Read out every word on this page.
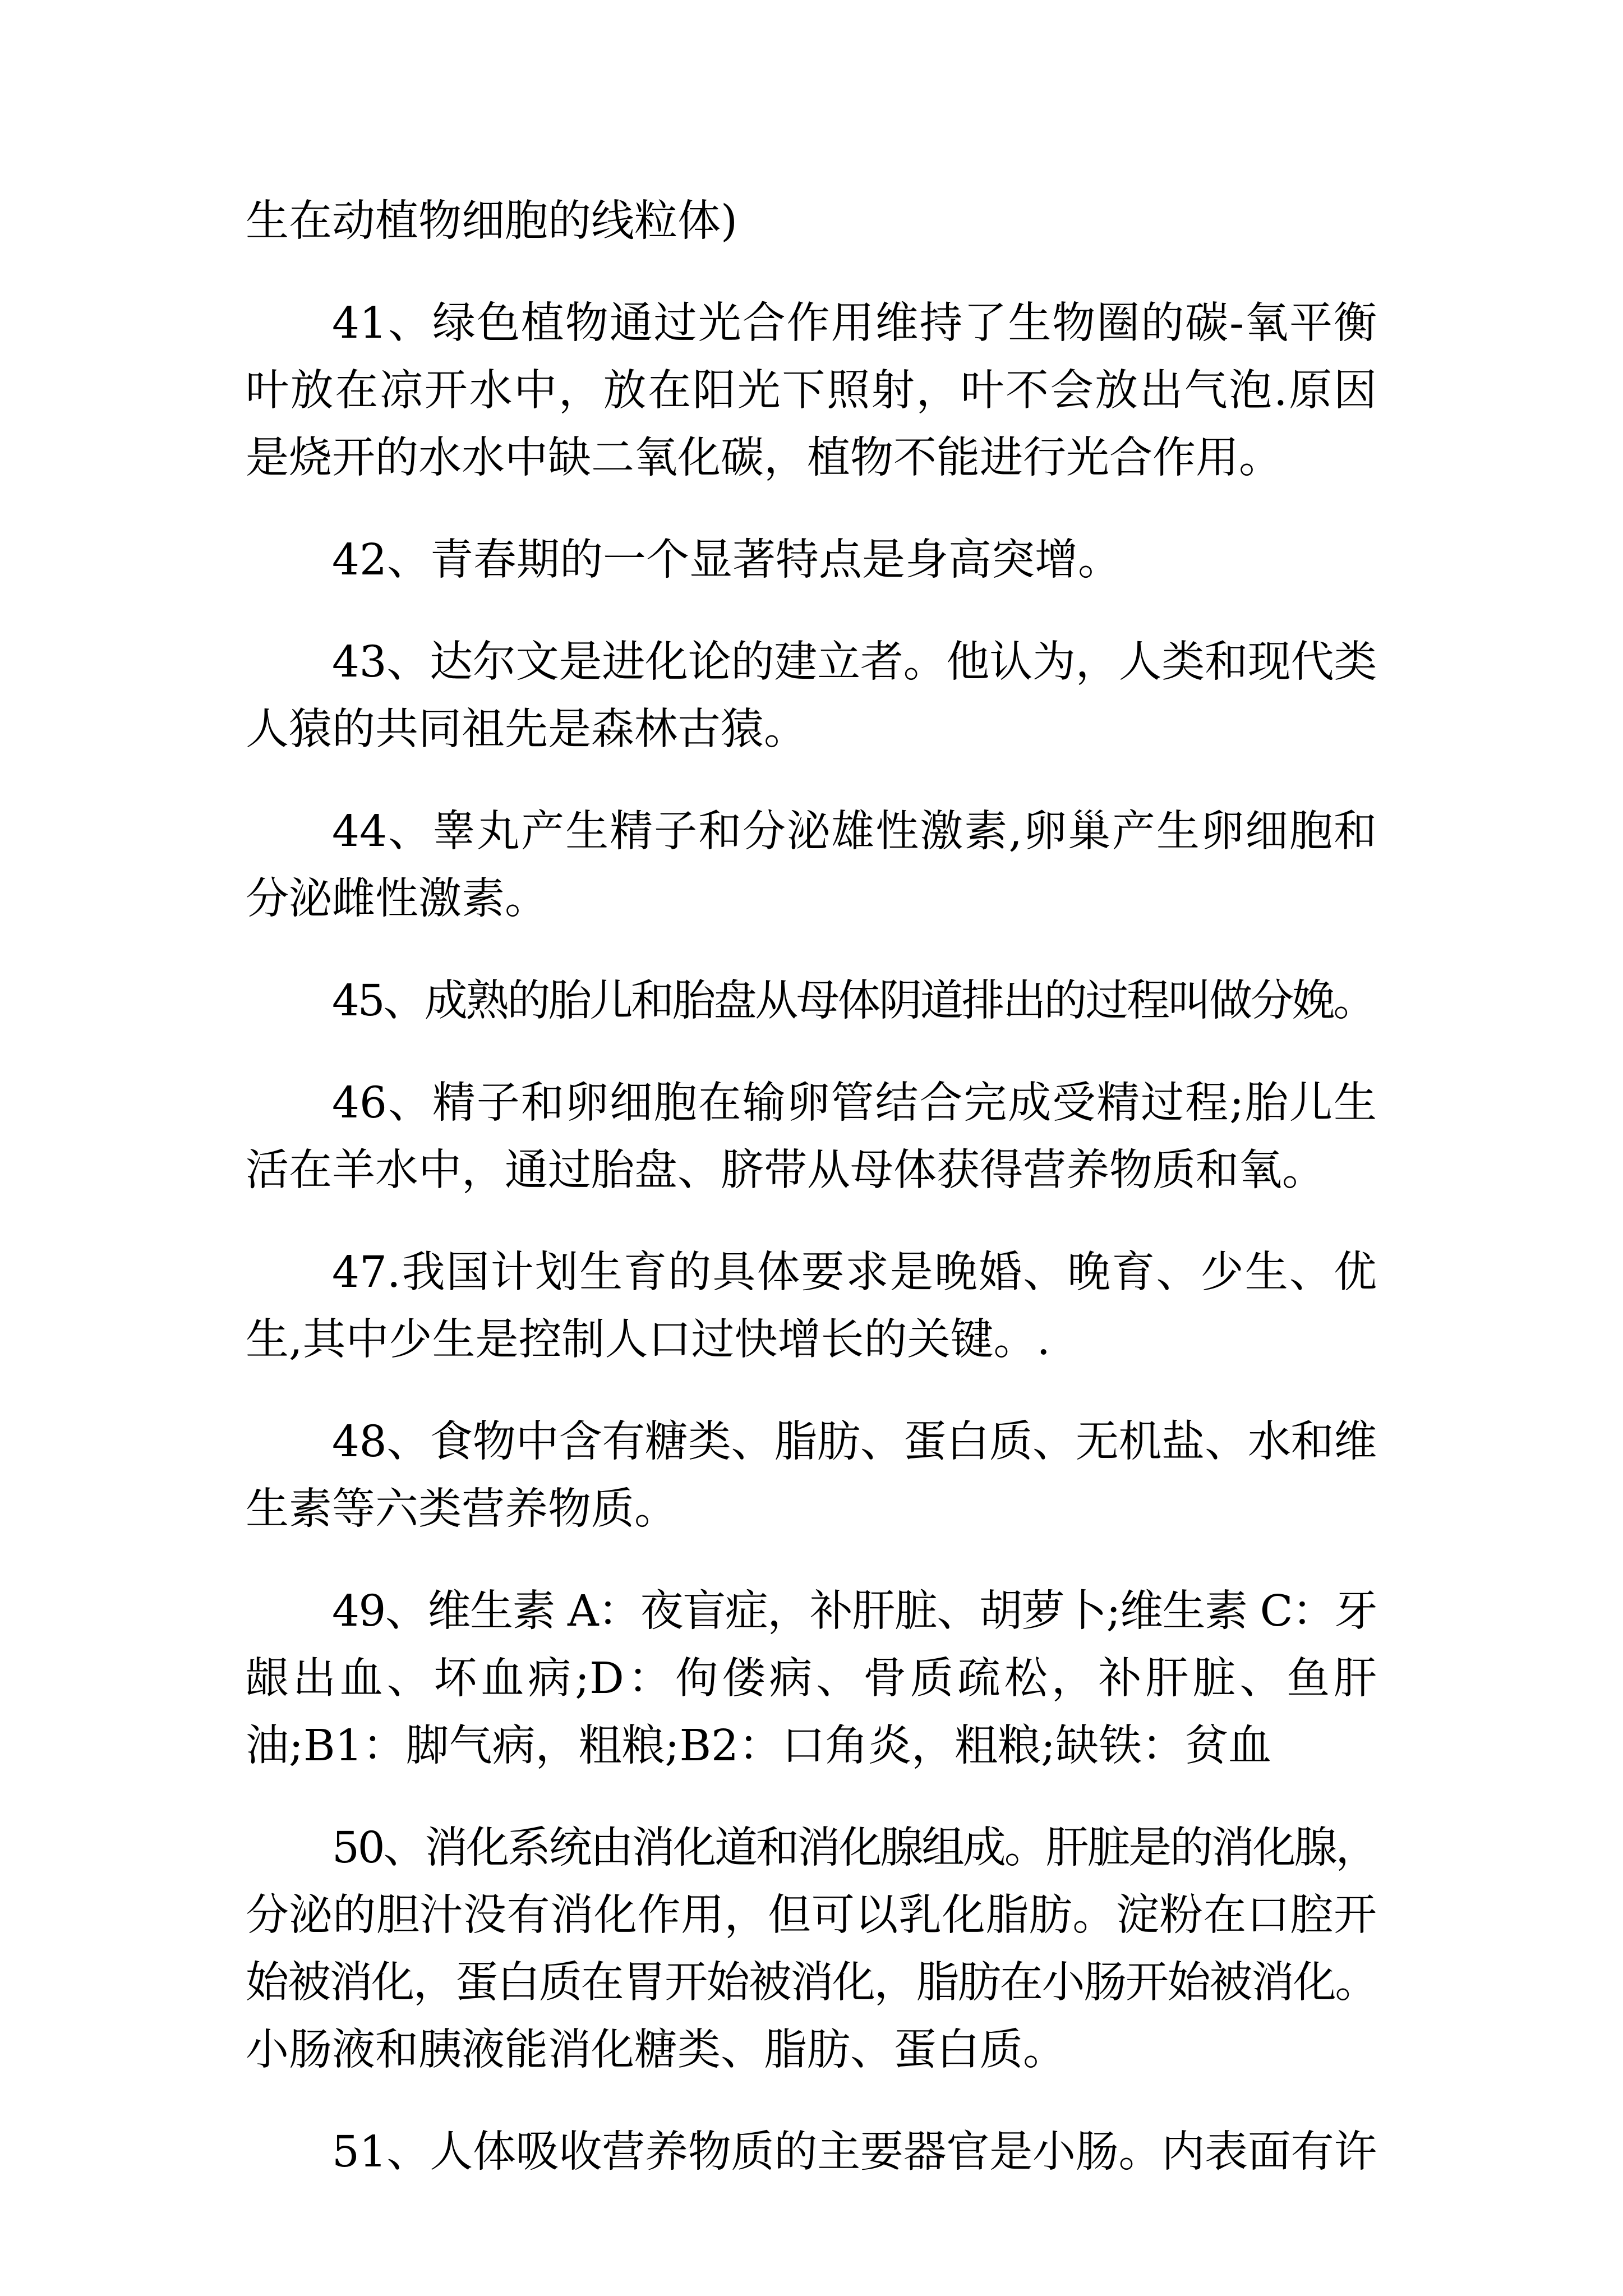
生在动植物细胞的线粒体)
41、绿色植物通过光合作用维持了生物圈的碳-氧平衡
叶放在凉开水中，放在阳光下照射，叶不会放出气泡.原因
是烧开的水水中缺二氧化碳，植物不能进行光合作用。
42、青春期的一个显著特点是身高突增。
43、达尔文是进化论的建立者。他认为，人类和现代类
人猿的共同祖先是森林古猿。
44、睾丸产生精子和分泌雄性激素,卵巢产生卵细胞和
分泌雌性激素。
45、成熟的胎儿和胎盘从母体阴道排出的过程叫做分娩。
46、精子和卵细胞在输卵管结合完成受精过程;胎儿生
活在羊水中，通过胎盘、脐带从母体获得营养物质和氧。
47.我国计划生育的具体要求是晚婚、晚育、少生、优
生,其中少生是控制人口过快增长的关键。.
48、食物中含有糖类、脂肪、蛋白质、无机盐、水和维
生素等六类营养物质。
49、维生素 A：夜盲症，补肝脏、胡萝卜;维生素 C：牙
龈出血、坏血病;D：佝偻病、骨质疏松，补肝脏、鱼肝
油;B1：脚气病，粗粮;B2：口角炎，粗粮;缺铁：贫血
50、消化系统由消化道和消化腺组成。肝脏是的消化腺，
分泌的胆汁没有消化作用，但可以乳化脂肪。淀粉在口腔开
始被消化，蛋白质在胃开始被消化，脂肪在小肠开始被消化。
小肠液和胰液能消化糖类、脂肪、蛋白质。
51、人体吸收营养物质的主要器官是小肠。内表面有许
